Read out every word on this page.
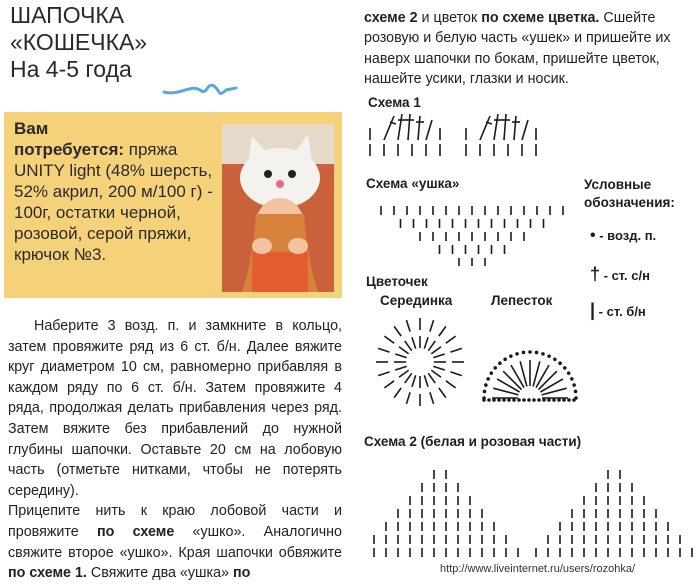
ШАПОЧКА
«КОШЕЧКА»
На 4-5 года
Вам
потребуется: пряжа UNITY light (48% шерсть, 52% акрил, 200 м/100 г) - 100г, остатки черной, розовой, серой пряжи, крючок №3.
Наберите 3 возд. п. и замкните в кольцо, затем провяжите ряд из 6 ст. б/н. Далее вяжите круг диаметром 10 см, равномерно прибавляя в каждом ряду по 6 ст. б/н. Затем провяжите 4 ряда, продолжая делать прибавления через ряд. Затем вяжите без прибавлений до нужной глубины шапочки. Оставьте 20 см на лобовую часть (отметьте нитками, чтобы не потерять середину).
Прицепите нить к краю лобовой части и провяжите по схеме «ушко». Аналогично свяжите второе «ушко». Края шапочки обвяжите по схеме 1. Свяжите два «ушка» по
схеме 2 и цветок по схеме цветка. Сшейте розовую и белую часть «ушек» и пришейте их наверх шапочки по бокам, пришейте цветок, нашейте усики, глазки и носик.
Схема 1
Схема «ушка»
Цветочек
Серединка	Лепесток
Схема 2 (белая и розовая части)
Условные
обозначения:
• - возд. п.
† - ст. с/н
| - ст. б/н
http://www.liveinternet.ru/users/rozohka/
